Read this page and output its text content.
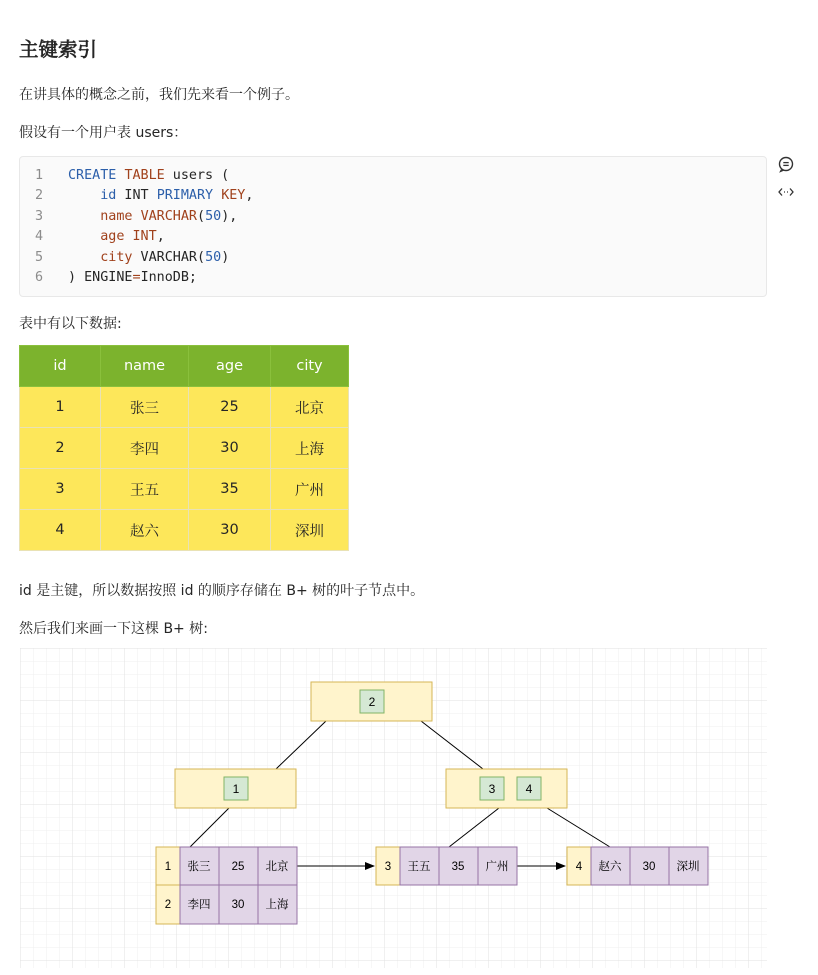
主键索引
在讲具体的概念之前，我们先来看一个例子。
假设有一个用户表 users：
1 CREATE TABLE users (
2	id INT PRIMARY KEY,
3	name VARCHAR(50),
4	age INT,
5	city VARCHAR(50)
6 ) ENGINE=InnoDB;
表中有以下数据:
id	name	age	city
1	张三	25	北京
2	李四	30	上海
3	王五	35	广州
4	赵六	30	深圳
id 是主键，所以数据按照 id 的顺序存储在 B+ 树的叶子节点中。
然后我们来画一下这棵 B+ 树:
2
1	3	4
1 张三 25 北京
2 李四 30 上海
3 王五 35 广州	4 赵六 30 深圳
